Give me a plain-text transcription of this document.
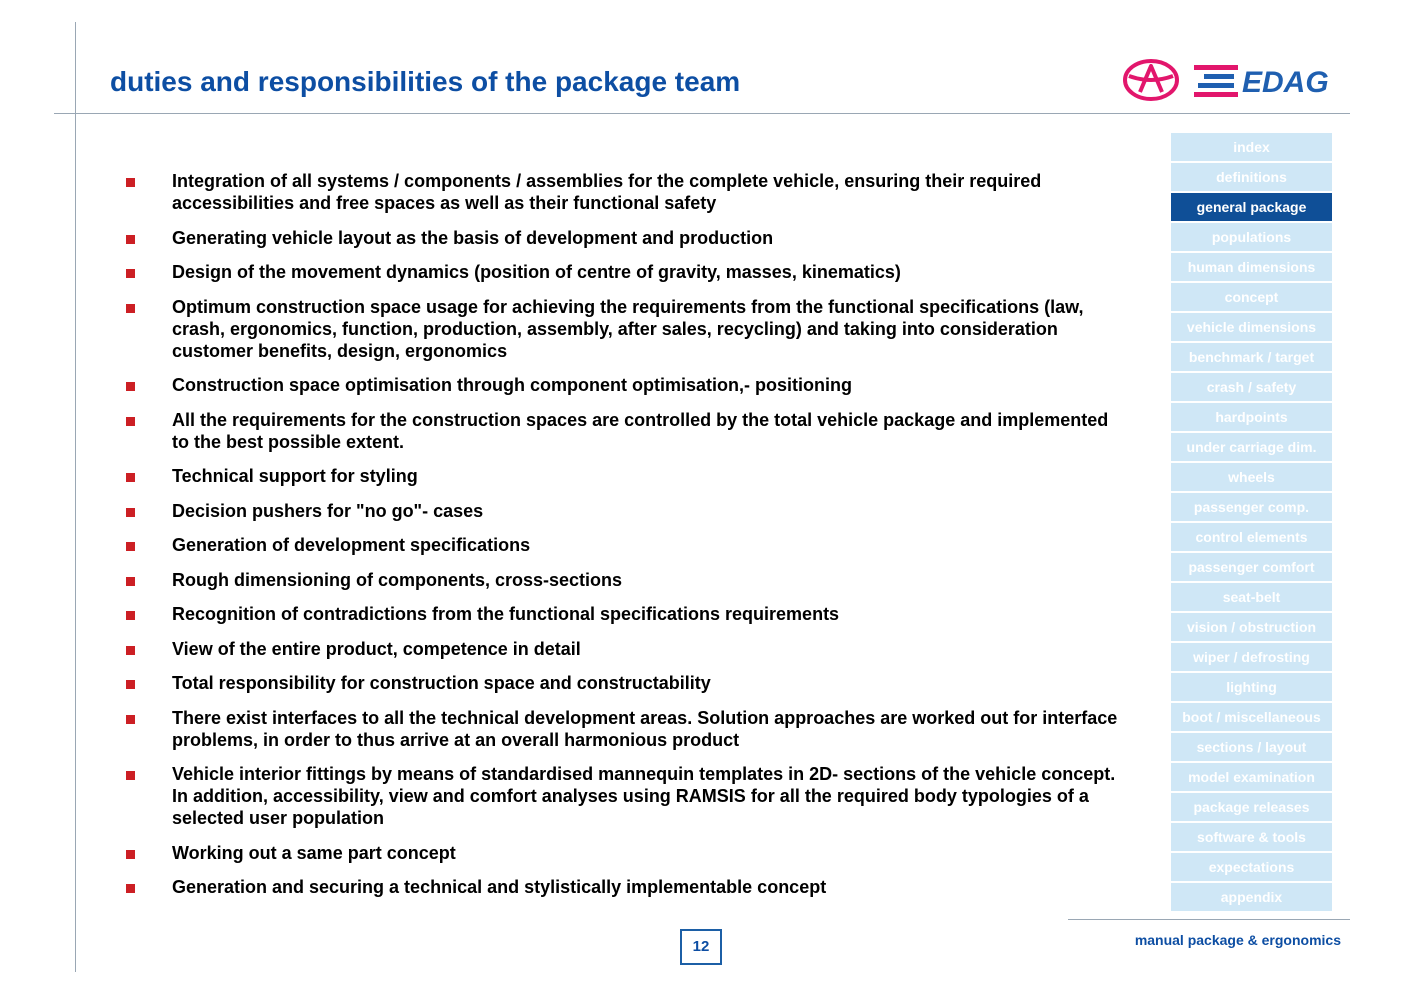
duties and responsibilities of the package team	EDAG
Integration of all systems / components / assemblies for the complete vehicle, ensuring their required accessibilities and free spaces as well as their functional safety
Generating vehicle layout as the basis of development and production
Design of the movement dynamics (position of centre of gravity, masses, kinematics)
Optimum construction space usage for achieving the requirements from the functional specifications (law, crash, ergonomics, function, production, assembly, after sales, recycling) and taking into consideration customer benefits, design, ergonomics
Construction space optimisation through component optimisation,- positioning
All the requirements for the construction spaces are controlled by the total vehicle package and implemented to the best possible extent.
Technical support for styling
Decision pushers for "no go"- cases
Generation of development specifications
Rough dimensioning of components, cross-sections
Recognition of contradictions from the functional specifications requirements
View of the entire product, competence in detail
Total responsibility for construction space and constructability
There exist interfaces to all the technical development areas. Solution approaches are worked out for interface problems, in order to thus arrive at an overall harmonious product
Vehicle interior fittings by means of standardised mannequin templates in 2D- sections of the vehicle concept. In addition, accessibility, view and comfort analyses using RAMSIS for all the required body typologies of a selected user population
Working out a same part concept
Generation and securing a technical and stylistically implementable concept
index
definitions
general package
populations
human dimensions
concept
vehicle dimensions
benchmark / target
crash / safety
hardpoints
under carriage dim.
wheels
passenger comp.
control elements
passenger comfort
seat-belt
vision / obstruction
wiper / defrosting
lighting
boot / miscellaneous
sections / layout
model examination
package releases
software & tools
expectations
appendix
12	manual package & ergonomics
